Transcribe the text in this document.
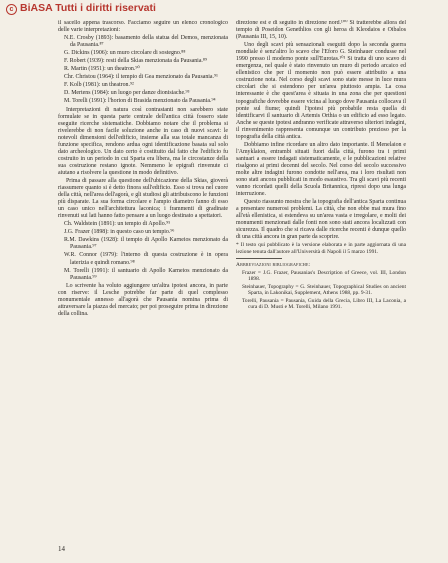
c BiASA Tutti i diritti riservati

il sacello appena trascorso. Facciamo seguire un elenco cronologico delle varie interpretazioni:

N.E. Crosby (1893): basamento della statua del Demos, menzionata da Pausania.⁸⁷

G. Dickins (1906): un muro circolare di sostegno.⁸⁸

F. Robert (1939): resti della Skias menzionata da Pausania.⁸⁹

R. Martin (1951): un theatron.⁹⁰

Chr. Christou (1964): il tempio di Gea menzionato da Pausania.⁹¹

F. Kolb (1981): un theatron.⁹²

D. Mertens (1984): un luogo per danze dionisiache.⁹³

M. Torelli (1991): l'horion di Brasida menzionato da Pausania.⁹⁴

Interpretazioni di natura così contrastanti non sarebbero state formulate se in questa parte centrale dell'antica città fossero state eseguite ricerche sistematiche. Dobbiamo notare che il problema si rivelerebbe di non facile soluzione anche in caso di nuovi scavi: le notevoli dimensioni dell'edificio, insieme alla sua totale mancanza di funzione specifica, rendono ardua ogni identificazione basata sul solo dato archeologico. Un dato certo è costituito dal fatto che l'edificio fu costruito in un periodo in cui Sparta era libera, ma le circostanze della sua costruzione restano ignote. Nemmeno le epigrafi rinvenute ci aiutano a risolvere la questione in modo definitivo.

Prima di passare alla questione dell'ubicazione della Skias, gioverà riassumere quanto si è detto finora sull'edificio. Esso si trova nel cuore della città, nell'area dell'agorà, e gli studiosi gli attribuiscono le funzioni più disparate. La sua forma circolare e l'ampio diametro fanno di esso un caso unico nell'architettura laconica; i frammenti di gradinate rinvenuti sui lati hanno fatto pensare a un luogo destinato a spettatori.

Ch. Waldstein (1891): un tempio di Apollo.⁹⁵

J.G. Frazer (1898): in questo caso un tempio.⁹⁶

R.M. Dawkins (1928): il tempio di Apollo Karneios menzionato da Pausania.⁹⁷

W.R. Connor (1979): l'interno di questa costruzione è in opera laterizia e quindi romano.⁹⁸

M. Torelli (1991): il santuario di Apollo Karneios menzionato da Pausania.⁹⁹

Lo scrivente ha voluto aggiungere un'altra ipotesi ancora, in parte con riserve: il Lesche potrebbe far parte di quel complesso monumentale annesso all'agorà che Pausania nomina prima di attraversare la piazza del mercato; per poi proseguire prima in direzione della collina.

direzione est e di seguito in direzione nord.¹⁰⁰ Si tratterebbe allora del tempio di Poseidon Genethlios con gli heroa di Kleodaios e Oibalos (Pausania III, 15, 10).

Uno degli scavi più sensazionali eseguiti dopo la seconda guerra mondiale è senz'altro lo scavo che l'Eforo G. Steinhauer condusse nel 1990 presso il moderno ponte sull'Eurotas.¹⁰¹ Si tratta di uno scavo di emergenza, nel quale è stato rinvenuto un muro di periodo arcaico ed ellenistico che per il momento non può essere attribuito a una costruzione nota. Nel corso degli scavi sono state messe in luce mura circolari che si estendono per un'area piuttosto ampia. La cosa interessante è che quest'area è situata in una zona che per questioni topografiche dovrebbe essere vicina al luogo dove Pausania collocava il ponte sul fiume; quindi l'ipotesi più probabile resta quella di identificarvi il santuario di Artemis Orthia o un edificio ad esso legato. Anche se queste ipotesi andranno verificate attraverso ulteriori indagini, il rinvenimento rappresenta comunque un contributo prezioso per la topografia della città antica.

Dobbiamo infine ricordare un altro dato importante. Il Menelaion e l'Amyklaion, entrambi situati fuori dalla città, furono tra i primi santuari a essere indagati sistematicamente, e le pubblicazioni relative risalgono ai primi decenni del secolo. Nel corso del secolo successivo molte altre indagini furono condotte nell'area, ma i loro risultati non sono stati ancora pubblicati in modo esaustivo. Tra gli scavi più recenti vanno ricordati quelli della Scuola Britannica, ripresi dopo una lunga interruzione.

Questo riassunto mostra che la topografia dell'antica Sparta continua a presentare numerosi problemi. La città, che non ebbe mai mura fino all'età ellenistica, si estendeva su un'area vasta e irregolare, e molti dei monumenti menzionati dalle fonti non sono stati ancora localizzati con sicurezza. Il quadro che si ricava dalle ricerche recenti è dunque quello di una città ancora in gran parte da scoprire.

* Il testo qui pubblicato è la versione elaborata e in parte aggiornata di una lezione tenuta dall'autore all'Università di Napoli il 5 marzo 1991.

Abbreviazioni bibliografiche:

Frazer = J.G. Frazer, Pausanias's Description of Greece, vol. III, London 1898.

Steinhauer, Topography = G. Steinhauer, Topographical Studies on ancient Sparta, in Lakonikai, Supplement, Athens 1988, pp. 9-31.

Torelli, Pausania = Pausania, Guida della Grecia, Libro III, La Laconia, a cura di D. Musti e M. Torelli, Milano 1991.

14
